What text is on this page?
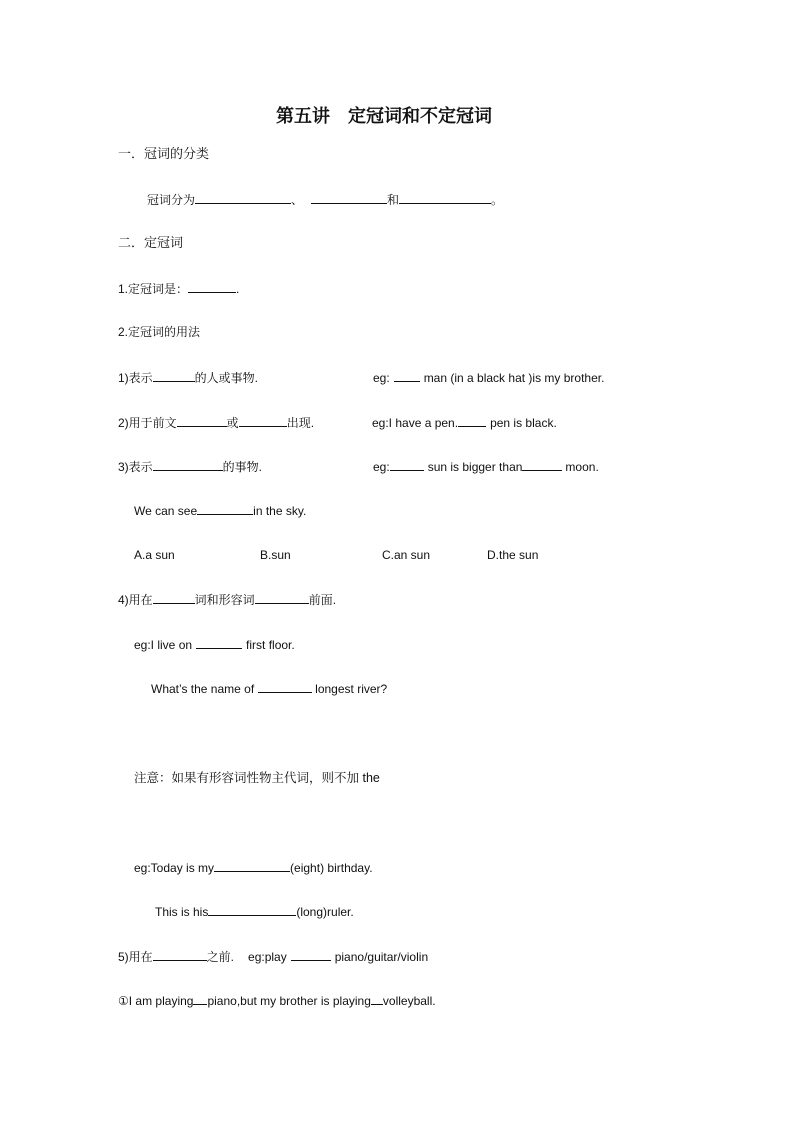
第五讲　定冠词和不定冠词
一．冠词的分类
冠词分为	、	和	。
二．定冠词
1.定冠词是：	.
2.定冠词的用法
1)表示	的人或事物.	eg:	man (in a black hat )is my brother.
2)用于前文	或	出现.	eg:I have a pen.	pen is black.
3)表示	的事物.	eg:	sun is bigger than	moon.
We can see	in the sky.
A.a sun	B.sun	C.an sun	D.the sun
4)用在	词和形容词	前面.
eg:I live on	first floor.
What’s the name of	longest river?
注意：如果有形容词性物主代词，则不加 the
eg:Today is my	(eight) birthday.
This is his	(long)ruler.
5)用在	之前. eg:play	piano/guitar/violin
①I am playing piano,but my brother is playing volleyball.
